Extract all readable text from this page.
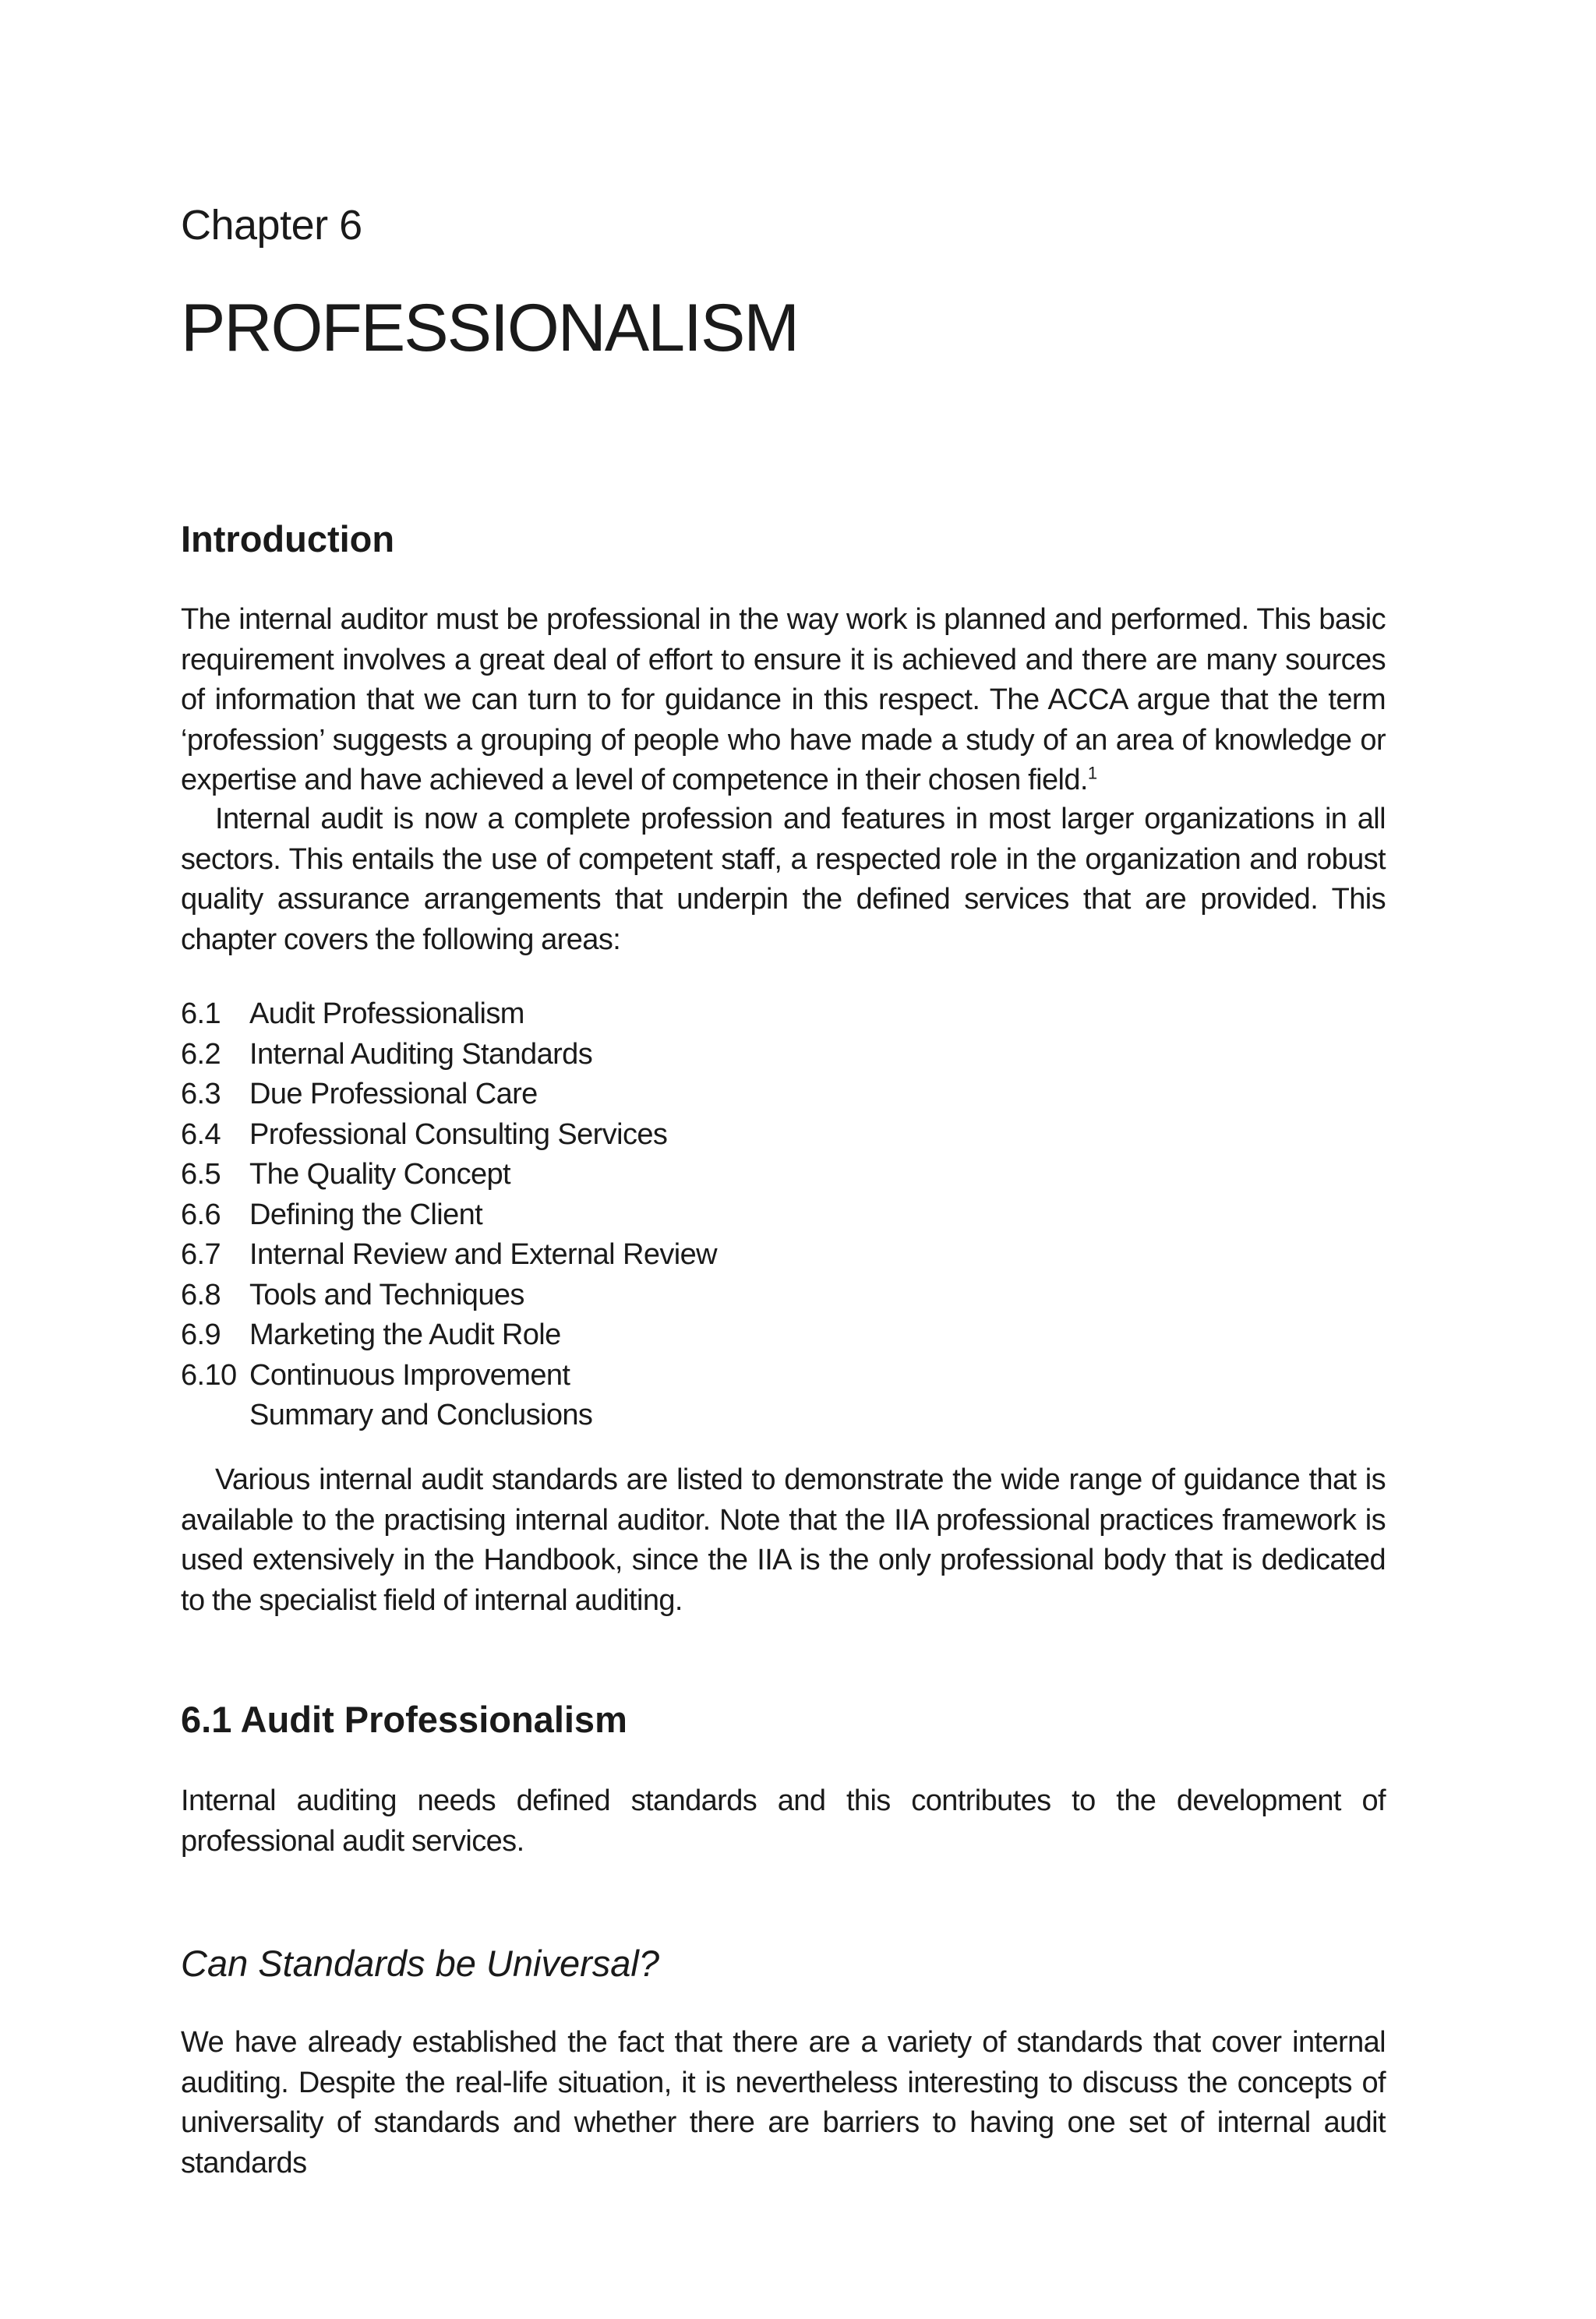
Chapter 6
PROFESSIONALISM
Introduction

The internal auditor must be professional in the way work is planned and performed. This basic requirement involves a great deal of effort to ensure it is achieved and there are many sources of information that we can turn to for guidance in this respect. The ACCA argue that the term ‘profession’ suggests a grouping of people who have made a study of an area of knowledge or expertise and have achieved a level of competence in their chosen field.$^1$

Internal audit is now a complete profession and features in most larger organizations in all sectors. This entails the use of competent staff, a respected role in the organization and robust quality assurance arrangements that underpin the defined services that are provided. This chapter covers the following areas:

6.1 Audit Professionalism
6.2 Internal Auditing Standards
6.3 Due Professional Care
6.4 Professional Consulting Services
6.5 The Quality Concept
6.6 Defining the Client
6.7 Internal Review and External Review
6.8 Tools and Techniques
6.9 Marketing the Audit Role
6.10 Continuous Improvement
Summary and Conclusions

Various internal audit standards are listed to demonstrate the wide range of guidance that is available to the practising internal auditor. Note that the IIA professional practices framework is used extensively in the Handbook, since the IIA is the only professional body that is dedicated to the specialist field of internal auditing.

6.1 Audit Professionalism

Internal auditing needs defined standards and this contributes to the development of professional audit services.

Can Standards be Universal?

We have already established the fact that there are a variety of standards that cover internal auditing. Despite the real-life situation, it is nevertheless interesting to discuss the concepts of universality of standards and whether there are barriers to having one set of internal audit standards
